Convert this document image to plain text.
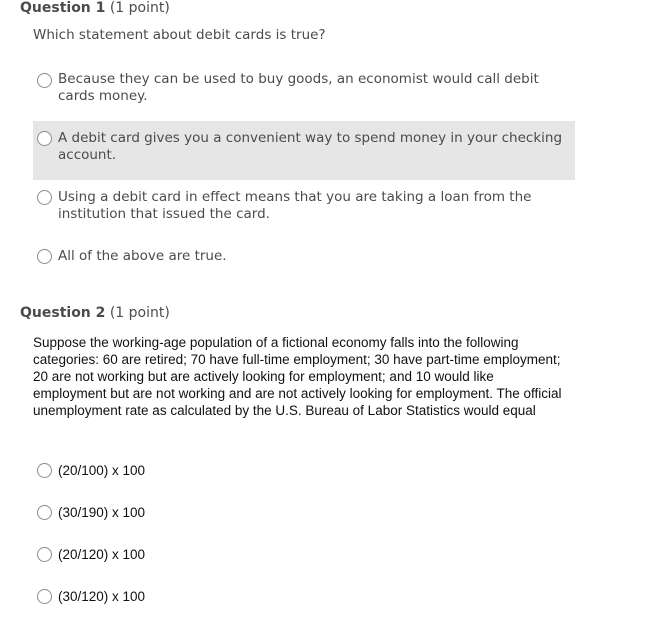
Question 1 (1 point)
Which statement about debit cards is true?
Because they can be used to buy goods, an economist would call debit cards money.
A debit card gives you a convenient way to spend money in your checking account.
Using a debit card in effect means that you are taking a loan from the institution that issued the card.
All of the above are true.
Question 2 (1 point)
Suppose the working-age population of a fictional economy falls into the following categories: 60 are retired; 70 have full-time employment; 30 have part-time employment; 20 are not working but are actively looking for employment; and 10 would like employment but are not working and are not actively looking for employment. The official unemployment rate as calculated by the U.S. Bureau of Labor Statistics would equal
(20/100) x 100
(30/190) x 100
(20/120) x 100
(30/120) x 100
